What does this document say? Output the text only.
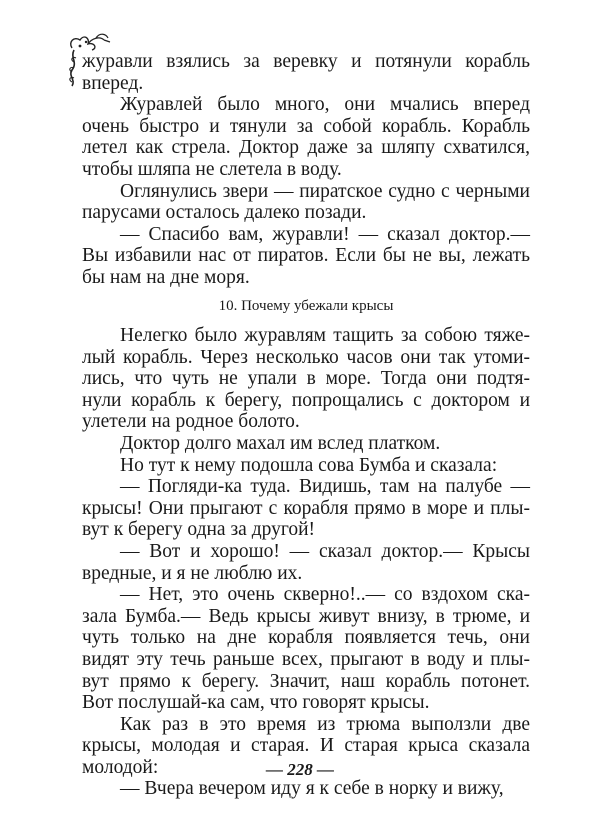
журавли взялись за веревку и потянули корабль
вперед.
Журавлей было много, они мчались вперед
очень быстро и тянули за собой корабль. Корабль
летел как стрела. Доктор даже за шляпу схватился,
чтобы шляпа не слетела в воду.
Оглянулись звери — пиратское судно с черными
парусами осталось далеко позади.
— Спасибо вам, журавли! — сказал доктор.—
Вы избавили нас от пиратов. Если бы не вы, лежать
бы нам на дне моря.
10. Почему убежали крысы
Нелегко было журавлям тащить за собою тяже-
лый корабль. Через несколько часов они так утоми-
лись, что чуть не упали в море. Тогда они подтя-
нули корабль к берегу, попрощались с доктором и
улетели на родное болото.
Доктор долго махал им вслед платком.
Но тут к нему подошла сова Бумба и сказала:
— Погляди-ка туда. Видишь, там на палубе —
крысы! Они прыгают с корабля прямо в море и плы-
вут к берегу одна за другой!
— Вот и хорошо! — сказал доктор.— Крысы
вредные, и я не люблю их.
— Нет, это очень скверно!..— со вздохом ска-
зала Бумба.— Ведь крысы живут внизу, в трюме, и
чуть только на дне корабля появляется течь, они
видят эту течь раньше всех, прыгают в воду и плы-
вут прямо к берегу. Значит, наш корабль потонет.
Вот послушай-ка сам, что говорят крысы.
Как раз в это время из трюма выползли две
крысы, молодая и старая. И старая крыса сказала
молодой:
— Вчера вечером иду я к себе в норку и вижу,
— 228 —
